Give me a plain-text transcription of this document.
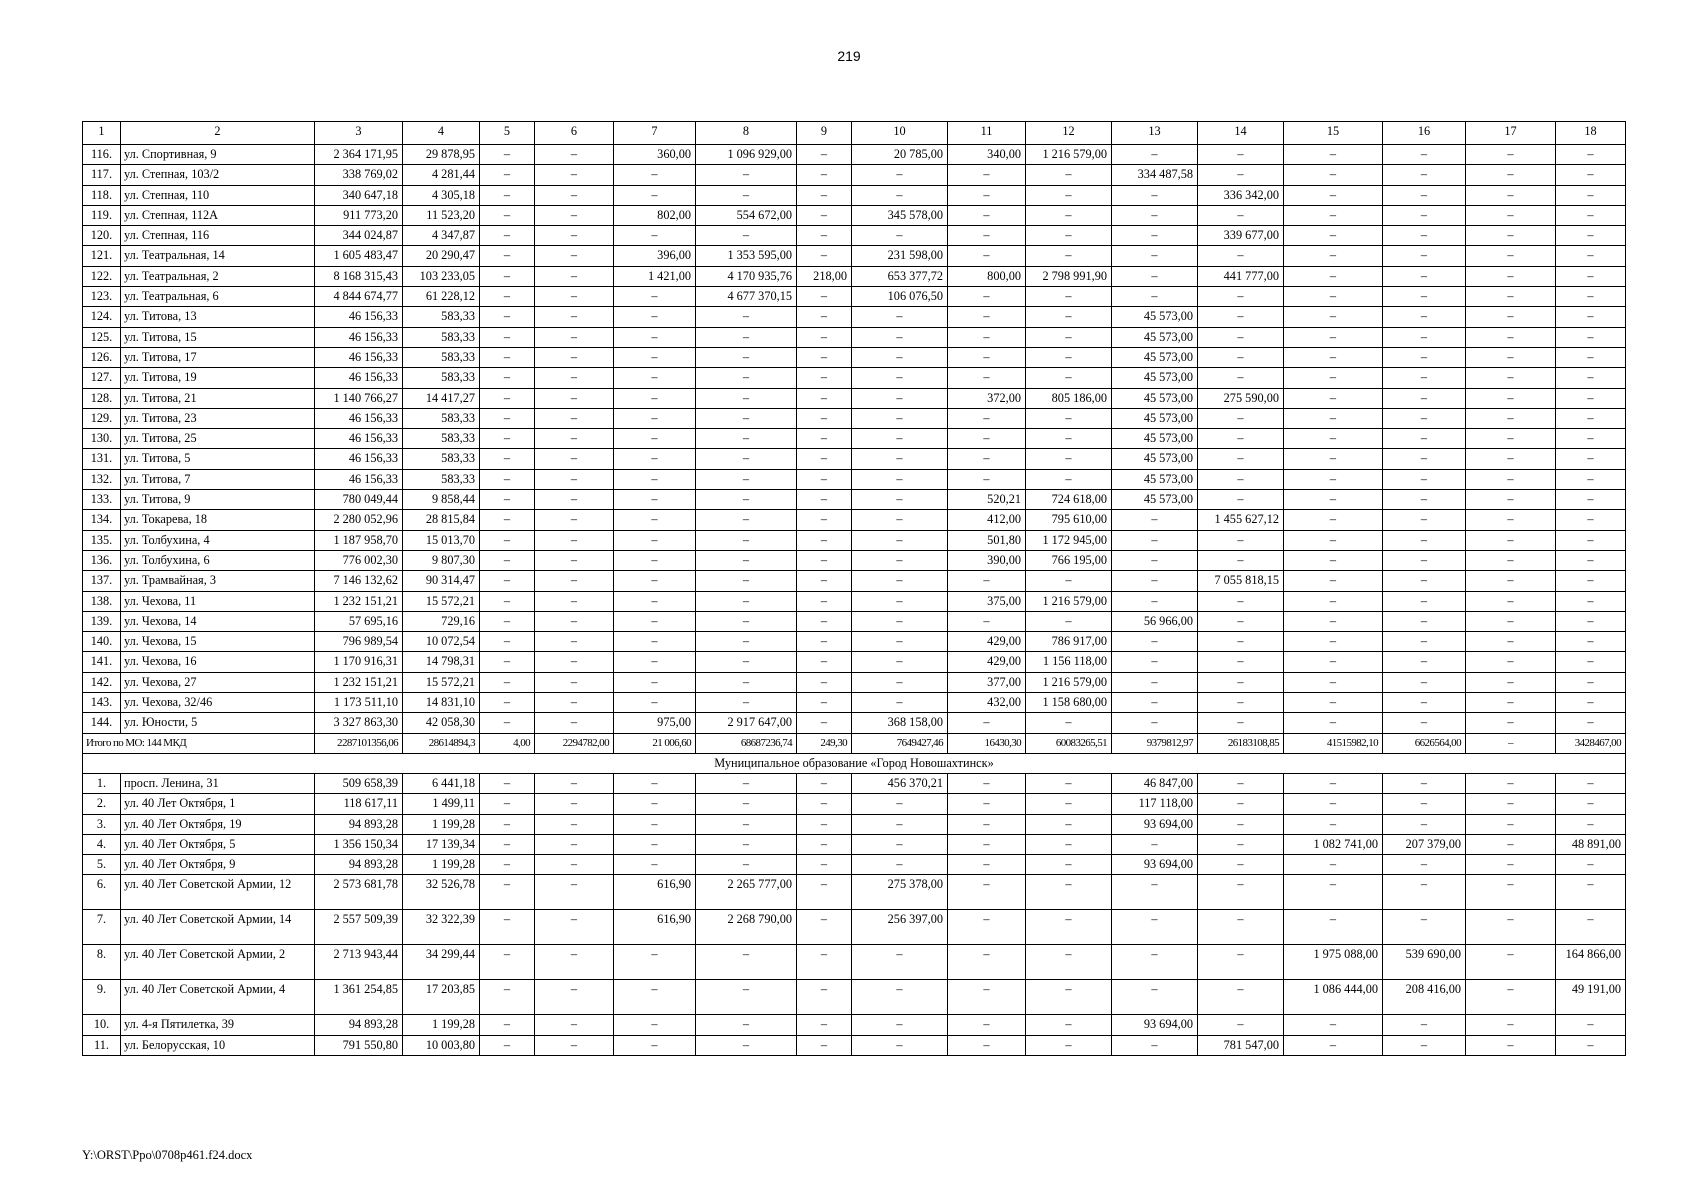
219
1	2	3	4	5	6	7	8	9	10	11	12	13	14	15	16	17	18
116.	ул. Спортивная, 9	2 364 171,95	29 878,95	–	–	360,00	1 096 929,00	–	20 785,00	340,00	1 216 579,00	–	–	–	–	–	–
117.	ул. Степная, 103/2	338 769,02	4 281,44	–	–	–	–	–	–	–	–	334 487,58	–	–	–	–	–
118.	ул. Степная, 110	340 647,18	4 305,18	–	–	–	–	–	–	–	–	–	336 342,00	–	–	–	–
119.	ул. Степная, 112А	911 773,20	11 523,20	–	–	802,00	554 672,00	–	345 578,00	–	–	–	–	–	–	–	–
120.	ул. Степная, 116	344 024,87	4 347,87	–	–	–	–	–	–	–	–	–	339 677,00	–	–	–	–
121.	ул. Театральная, 14	1 605 483,47	20 290,47	–	–	396,00	1 353 595,00	–	231 598,00	–	–	–	–	–	–	–	–
122.	ул. Театральная, 2	8 168 315,43	103 233,05	–	–	1 421,00	4 170 935,76	218,00	653 377,72	800,00	2 798 991,90	–	441 777,00	–	–	–	–
123.	ул. Театральная, 6	4 844 674,77	61 228,12	–	–	–	4 677 370,15	–	106 076,50	–	–	–	–	–	–	–	–
124.	ул. Титова, 13	46 156,33	583,33	–	–	–	–	–	–	–	–	45 573,00	–	–	–	–	–
125.	ул. Титова, 15	46 156,33	583,33	–	–	–	–	–	–	–	–	45 573,00	–	–	–	–	–
126.	ул. Титова, 17	46 156,33	583,33	–	–	–	–	–	–	–	–	45 573,00	–	–	–	–	–
127.	ул. Титова, 19	46 156,33	583,33	–	–	–	–	–	–	–	–	45 573,00	–	–	–	–	–
128.	ул. Титова, 21	1 140 766,27	14 417,27	–	–	–	–	–	–	372,00	805 186,00	45 573,00	275 590,00	–	–	–	–
129.	ул. Титова, 23	46 156,33	583,33	–	–	–	–	–	–	–	–	45 573,00	–	–	–	–	–
130.	ул. Титова, 25	46 156,33	583,33	–	–	–	–	–	–	–	–	45 573,00	–	–	–	–	–
131.	ул. Титова, 5	46 156,33	583,33	–	–	–	–	–	–	–	–	45 573,00	–	–	–	–	–
132.	ул. Титова, 7	46 156,33	583,33	–	–	–	–	–	–	–	–	45 573,00	–	–	–	–	–
133.	ул. Титова, 9	780 049,44	9 858,44	–	–	–	–	–	–	520,21	724 618,00	45 573,00	–	–	–	–	–
134.	ул. Токарева, 18	2 280 052,96	28 815,84	–	–	–	–	–	–	412,00	795 610,00	–	1 455 627,12	–	–	–	–
135.	ул. Толбухина, 4	1 187 958,70	15 013,70	–	–	–	–	–	–	501,80	1 172 945,00	–	–	–	–	–	–
136.	ул. Толбухина, 6	776 002,30	9 807,30	–	–	–	–	–	–	390,00	766 195,00	–	–	–	–	–	–
137.	ул. Трамвайная, 3	7 146 132,62	90 314,47	–	–	–	–	–	–	–	–	–	7 055 818,15	–	–	–	–
138.	ул. Чехова, 11	1 232 151,21	15 572,21	–	–	–	–	–	–	375,00	1 216 579,00	–	–	–	–	–	–
139.	ул. Чехова, 14	57 695,16	729,16	–	–	–	–	–	–	–	–	56 966,00	–	–	–	–	–
140.	ул. Чехова, 15	796 989,54	10 072,54	–	–	–	–	–	–	429,00	786 917,00	–	–	–	–	–	–
141.	ул. Чехова, 16	1 170 916,31	14 798,31	–	–	–	–	–	–	429,00	1 156 118,00	–	–	–	–	–	–
142.	ул. Чехова, 27	1 232 151,21	15 572,21	–	–	–	–	–	–	377,00	1 216 579,00	–	–	–	–	–	–
143.	ул. Чехова, 32/46	1 173 511,10	14 831,10	–	–	–	–	–	–	432,00	1 158 680,00	–	–	–	–	–	–
144.	ул. Юности, 5	3 327 863,30	42 058,30	–	–	975,00	2 917 647,00	–	368 158,00	–	–	–	–	–	–	–	–
Итого по МО: 144 МКД		2287101356,06	28614894,3	4,00	2294782,00	21 006,60	68687236,74	249,30	7649427,46	16430,30	60083265,51	9379812,97	26183108,85	41515982,10	6626564,00	–	3428467,00
Муниципальное образование «Город Новошахтинск»																	
1.	просп. Ленина, 31	509 658,39	6 441,18	–	–	–	–	–	456 370,21	–	–	46 847,00	–	–	–	–	–
2.	ул. 40 Лет Октября, 1	118 617,11	1 499,11	–	–	–	–	–	–	–	–	117 118,00	–	–	–	–	–
3.	ул. 40 Лет Октября, 19	94 893,28	1 199,28	–	–	–	–	–	–	–	–	93 694,00	–	–	–	–	–
4.	ул. 40 Лет Октября, 5	1 356 150,34	17 139,34	–	–	–	–	–	–	–	–	–	–	1 082 741,00	207 379,00	–	48 891,00
5.	ул. 40 Лет Октября, 9	94 893,28	1 199,28	–	–	–	–	–	–	–	–	93 694,00	–	–	–	–	–
6.	ул. 40 Лет Советской Армии, 12	2 573 681,78	32 526,78	–	–	616,90	2 265 777,00	–	275 378,00	–	–	–	–	–	–	–	–
7.	ул. 40 Лет Советской Армии, 14	2 557 509,39	32 322,39	–	–	616,90	2 268 790,00	–	256 397,00	–	–	–	–	–	–	–	–
8.	ул. 40 Лет Советской Армии, 2	2 713 943,44	34 299,44	–	–	–	–	–	–	–	–	–	–	1 975 088,00	539 690,00	–	164 866,00
9.	ул. 40 Лет Советской Армии, 4	1 361 254,85	17 203,85	–	–	–	–	–	–	–	–	–	–	1 086 444,00	208 416,00	–	49 191,00
10.	ул. 4-я Пятилетка, 39	94 893,28	1 199,28	–	–	–	–	–	–	–	–	93 694,00	–	–	–	–	–
11.	ул. Белорусская, 10	791 550,80	10 003,80	–	–	–	–	–	–	–	–	–	781 547,00	–	–	–	–
Y:\ORST\Ppo\0708p461.f24.docx
